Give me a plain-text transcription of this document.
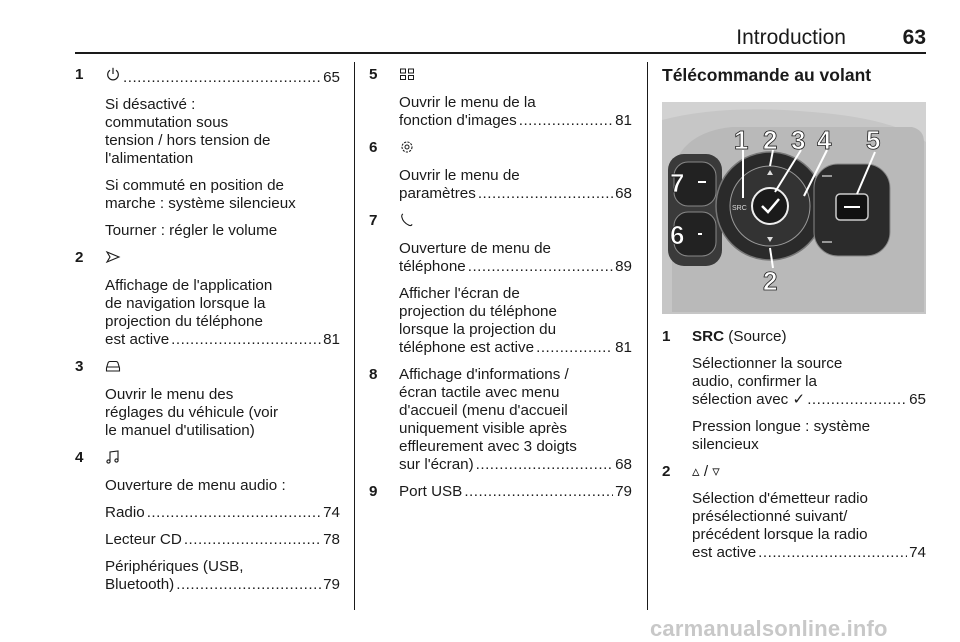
Introduction	63
1 .....	65
Si désactivé :
commutation sous
tension / hors tension de
l'alimentation
Si commuté en position de
marche : système silencieux
Tourner : régler le volume
2
Affichage de l'application
de navigation lorsque la
projection du téléphone
est active .....	81
3
Ouvrir le menu des
réglages du véhicule (voir
le manuel d'utilisation)
4
Ouverture de menu audio :
Radio .....	74
Lecteur CD .....	78
Périphériques (USB,
Bluetooth) .....	79
5
Ouvrir le menu de la
fonction d'images .....	81
6
Ouvrir le menu de
paramètres .....	68
7
Ouverture de menu de
téléphone .....	89
Afficher l'écran de
projection du téléphone
lorsque la projection du
téléphone est active .....	81
8 Affichage d'informations /
écran tactile avec menu
d'accueil (menu d'accueil
uniquement visible après
effleurement avec 3 doigts
sur l'écran) .....	68
9 Port USB .....	79
Télécommande au volant
SRC
1 2 3 4 5
7
6
2
1 SRC (Source)
Sélectionner la source
audio, confirmer la
sélection avec ✓ .....	65
Pression longue : système
silencieux
2 ▵ / ▿
Sélection d'émetteur radio
présélectionné suivant/
précédent lorsque la radio
est active .....	74
carmanualsonline.info
